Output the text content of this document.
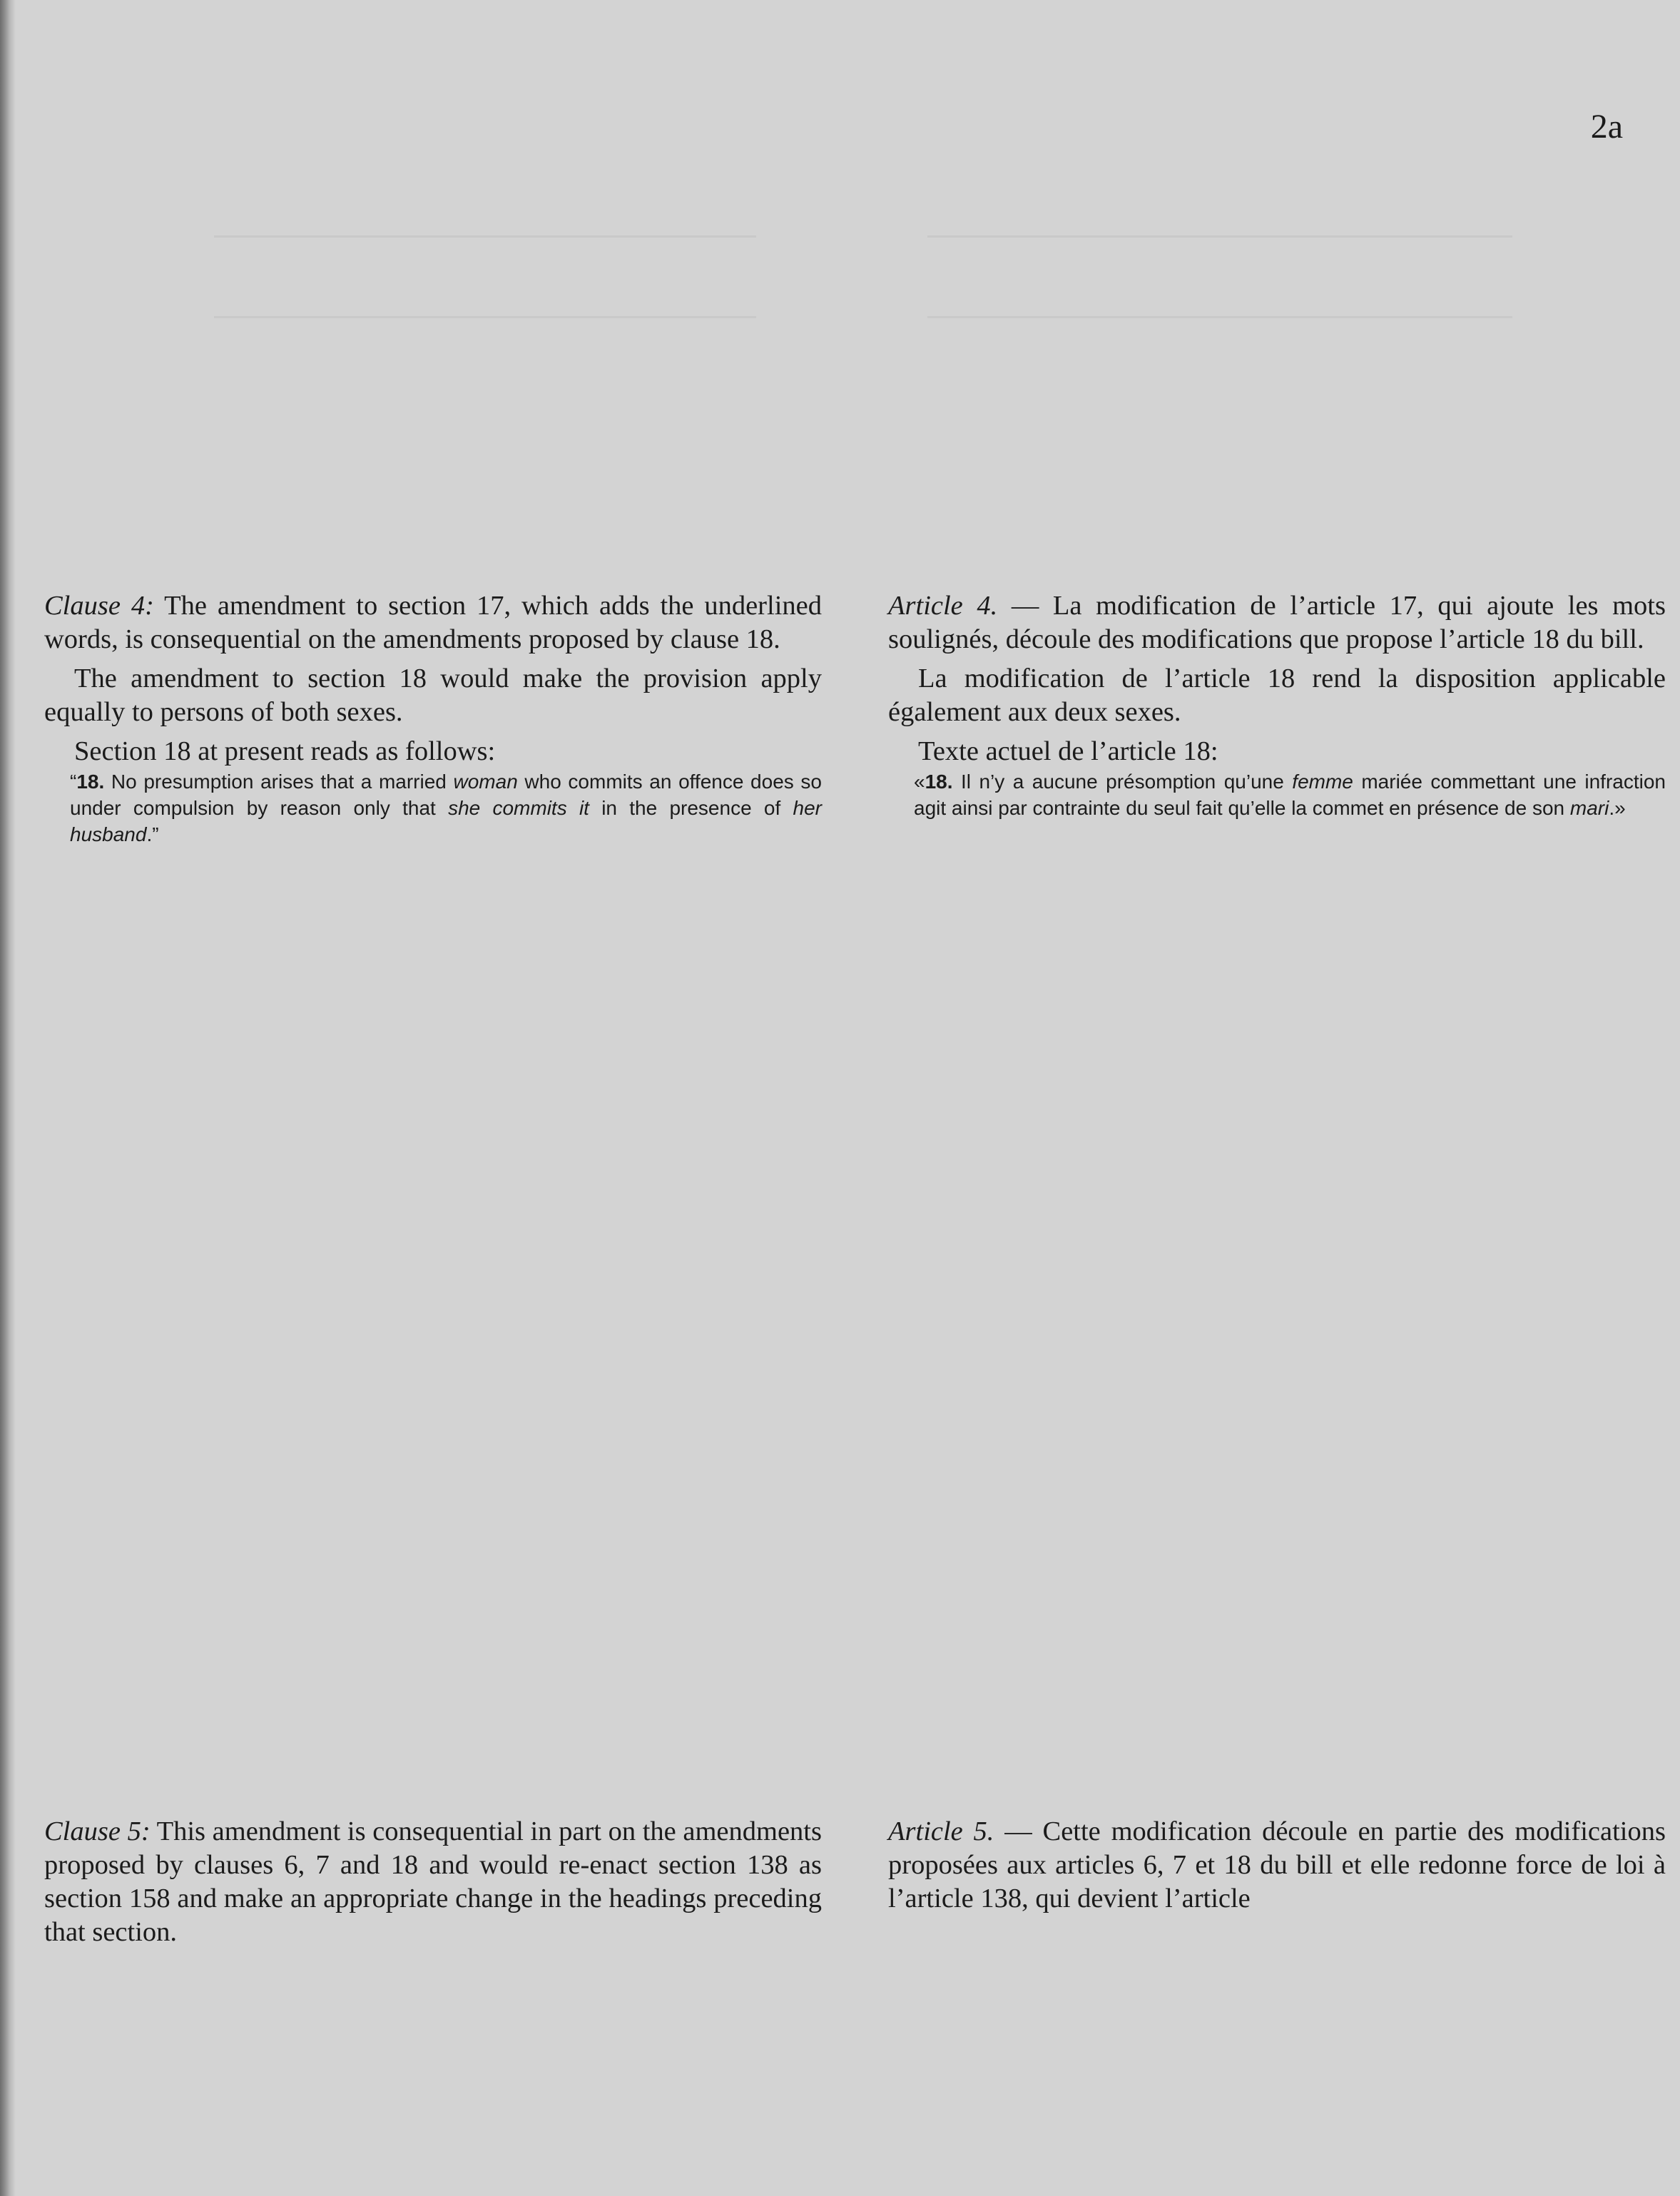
2a

Clause 4: The amendment to section 17, which adds the underlined words, is consequential on the amendments proposed by clause 18.

The amendment to section 18 would make the provision apply equally to persons of both sexes.

Section 18 at present reads as follows:

“18. No presumption arises that a married woman who commits an offence does so under compulsion by reason only that she commits it in the presence of her husband.”

Article 4. — La modification de l’article 17, qui ajoute les mots soulignés, découle des modifications que propose l’article 18 du bill.

La modification de l’article 18 rend la disposition applicable également aux deux sexes.

Texte actuel de l’article 18:

«18. Il n’y a aucune présomption qu’une femme mariée commettant une infraction agit ainsi par contrainte du seul fait qu’elle la commet en présence de son mari.»

Clause 5: This amendment is consequential in part on the amendments proposed by clauses 6, 7 and 18 and would re-enact section 138 as section 158 and make an appropriate change in the headings preceding that section.

Article 5. — Cette modification découle en partie des modifications proposées aux articles 6, 7 et 18 du bill et elle redonne force de loi à l’article 138, qui devient l’article
